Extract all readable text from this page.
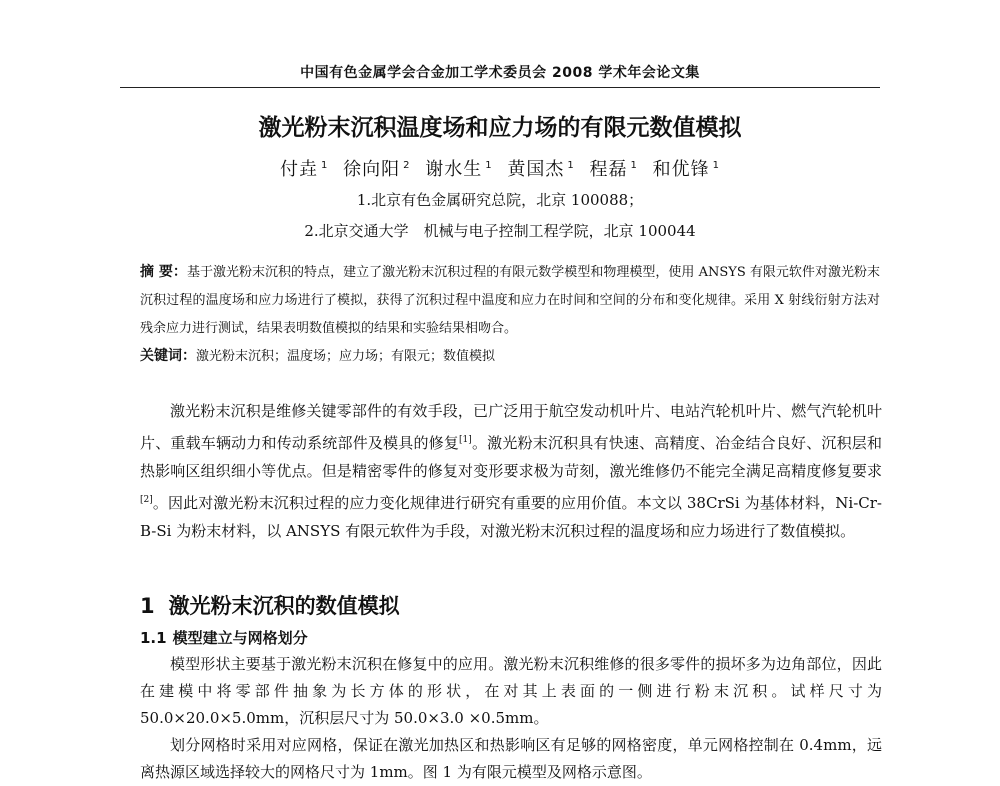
中国有色金属学会合金加工学术委员会 2008 学术年会论文集
激光粉末沉积温度场和应力场的有限元数值模拟
付垚 $^1$ 徐向阳 $^2$ 谢水生 $^1$ 黄国杰 $^1$ 程磊 $^1$ 和优锋 $^1$
1.北京有色金属研究总院，北京 100088；
2.北京交通大学　机械与电子控制工程学院，北京 100044
摘 要：基于激光粉末沉积的特点，建立了激光粉末沉积过程的有限元数学模型和物理模型，使用 ANSYS 有限元软件对激光粉末沉积过程的温度场和应力场进行了模拟，获得了沉积过程中温度和应力在时间和空间的分布和变化规律。采用 X 射线衍射方法对残余应力进行测试，结果表明数值模拟的结果和实验结果相吻合。
关键词：激光粉末沉积；温度场；应力场；有限元；数值模拟

激光粉末沉积是维修关键零部件的有效手段，已广泛用于航空发动机叶片、电站汽轮机叶片、燃气汽轮机叶片、重载车辆动力和传动系统部件及模具的修复[1]。激光粉末沉积具有快速、高精度、冶金结合良好、沉积层和热影响区组织细小等优点。但是精密零件的修复对变形要求极为苛刻，激光维修仍不能完全满足高精度修复要求[2]。因此对激光粉末沉积过程的应力变化规律进行研究有重要的应用价值。本文以 38CrSi 为基体材料，Ni-Cr-B-Si 为粉末材料，以 ANSYS 有限元软件为手段，对激光粉末沉积过程的温度场和应力场进行了数值模拟。

1 激光粉末沉积的数值模拟
1.1 模型建立与网格划分

模型形状主要基于激光粉末沉积在修复中的应用。激光粉末沉积维修的很多零件的损坏多为边角部位，因此在建模中将零部件抽象为长方体的形状，在对其上表面的一侧进行粉末沉积。试样尺寸为 50.0×20.0×5.0mm，沉积层尺寸为 50.0×3.0 ×0.5mm。

划分网格时采用对应网格，保证在激光加热区和热影响区有足够的网格密度，单元网格控制在 0.4mm，远离热源区域选择较大的网格尺寸为 1mm。图 1 为有限元模型及网格示意图。
